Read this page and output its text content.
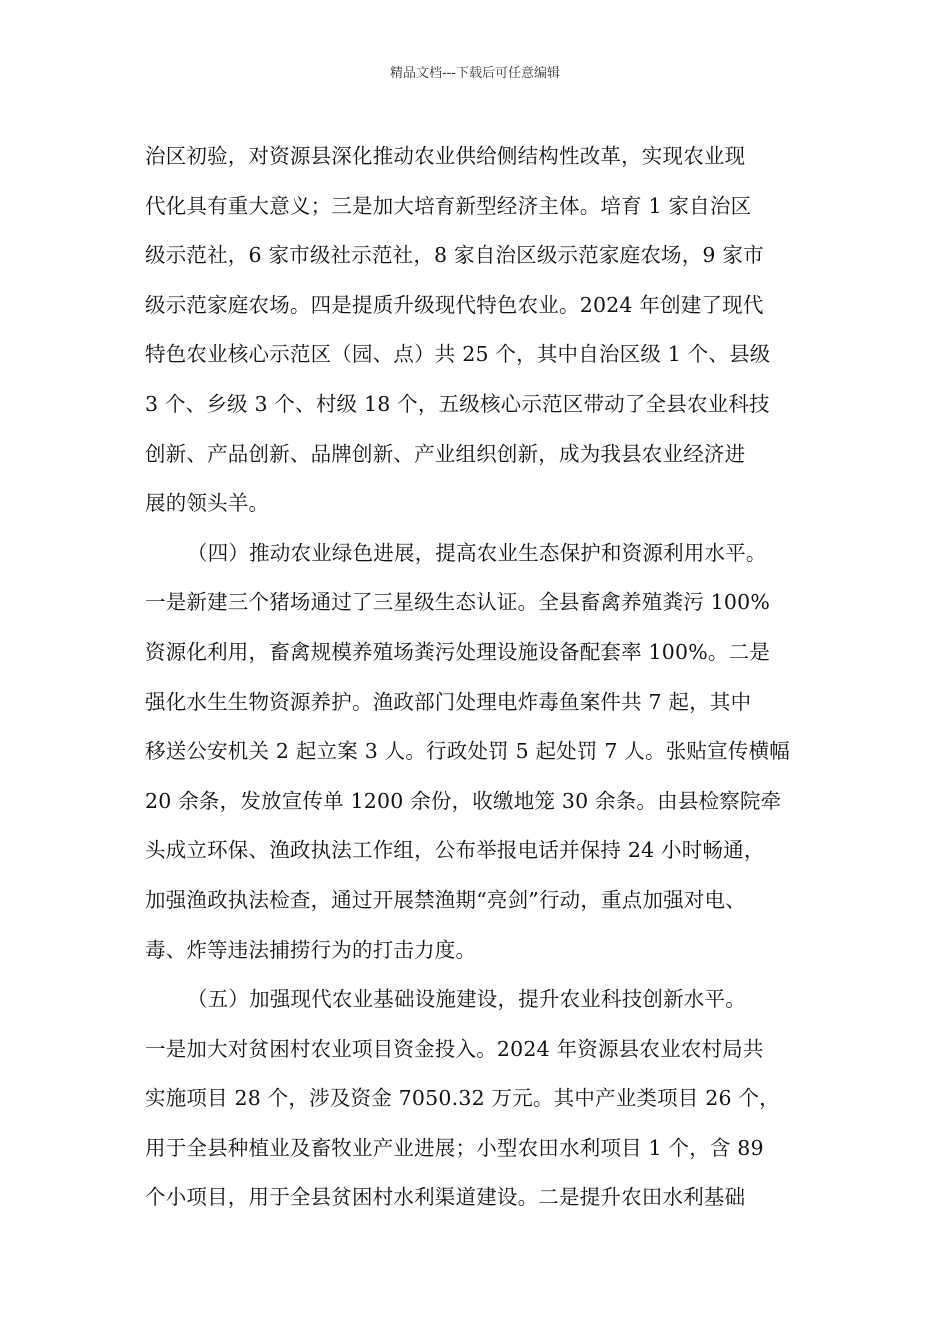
精品文档---下载后可任意编辑
治区初验，对资源县深化推动农业供给侧结构性改革，实现农业现
代化具有重大意义；三是加大培育新型经济主体。培育 1 家自治区
级示范社，6 家市级社示范社，8 家自治区级示范家庭农场，9 家市
级示范家庭农场。四是提质升级现代特色农业。2024 年创建了现代
特色农业核心示范区（园、点）共 25 个，其中自治区级 1 个、县级
3 个、乡级 3 个、村级 18 个，五级核心示范区带动了全县农业科技
创新、产品创新、品牌创新、产业组织创新，成为我县农业经济进
展的领头羊。
（四）推动农业绿色进展，提高农业生态保护和资源利用水平。
一是新建三个猪场通过了三星级生态认证。全县畜禽养殖粪污 100%
资源化利用，畜禽规模养殖场粪污处理设施设备配套率 100%。二是
强化水生生物资源养护。渔政部门处理电炸毒鱼案件共 7 起，其中
移送公安机关 2 起立案 3 人。行政处罚 5 起处罚 7 人。张贴宣传横幅
20 余条，发放宣传单 1200 余份，收缴地笼 30 余条。由县检察院牵
头成立环保、渔政执法工作组，公布举报电话并保持 24 小时畅通，
加强渔政执法检查，通过开展禁渔期“亮剑”行动，重点加强对电、
毒、炸等违法捕捞行为的打击力度。
（五）加强现代农业基础设施建设，提升农业科技创新水平。
一是加大对贫困村农业项目资金投入。2024 年资源县农业农村局共
实施项目 28 个，涉及资金 7050.32 万元。其中产业类项目 26 个，
用于全县种植业及畜牧业产业进展；小型农田水利项目 1 个，含 89
个小项目，用于全县贫困村水利渠道建设。二是提升农田水利基础
